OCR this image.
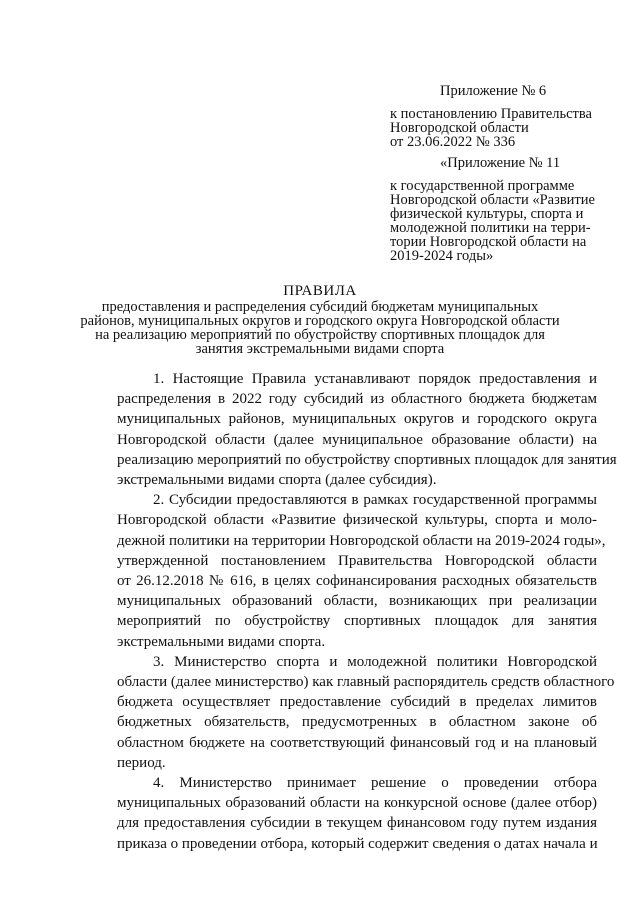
Приложение № 6
к постановлению Правительства
Новгородской области
от 23.06.2022 № 336
«Приложение № 11
к государственной программе
Новгородской области «Развитие
физической культуры, спорта и
молодежной политики на терри-
тории Новгородской области на
2019-2024 годы»
ПРАВИЛА
предоставления и распределения субсидий бюджетам муниципальных
районов, муниципальных округов и городского округа Новгородской области
на реализацию мероприятий по обустройству спортивных площадок для
занятия экстремальными видами спорта
1. Настоящие Правила устанавливают порядок предоставления и
распределения в 2022 году субсидий из областного бюджета бюджетам
муниципальных районов, муниципальных округов и городского округа
Новгородской области (далее муниципальное образование области) на
реализацию мероприятий по обустройству спортивных площадок для занятия
экстремальными видами спорта (далее субсидия).
2. Субсидии предоставляются в рамках государственной программы
Новгородской области «Развитие физической культуры, спорта и моло-
дежной политики на территории Новгородской области на 2019-2024 годы»,
утвержденной постановлением Правительства Новгородской области
от 26.12.2018 № 616, в целях софинансирования расходных обязательств
муниципальных образований области, возникающих при реализации
мероприятий по обустройству спортивных площадок для занятия
экстремальными видами спорта.
3. Министерство спорта и молодежной политики Новгородской
области (далее министерство) как главный распорядитель средств областного
бюджета осуществляет предоставление субсидий в пределах лимитов
бюджетных обязательств, предусмотренных в областном законе об
областном бюджете на соответствующий финансовый год и на плановый
период.
4. Министерство принимает решение о проведении отбора
муниципальных образований области на конкурсной основе (далее отбор)
для предоставления субсидии в текущем финансовом году путем издания
приказа о проведении отбора, который содержит сведения о датах начала и
